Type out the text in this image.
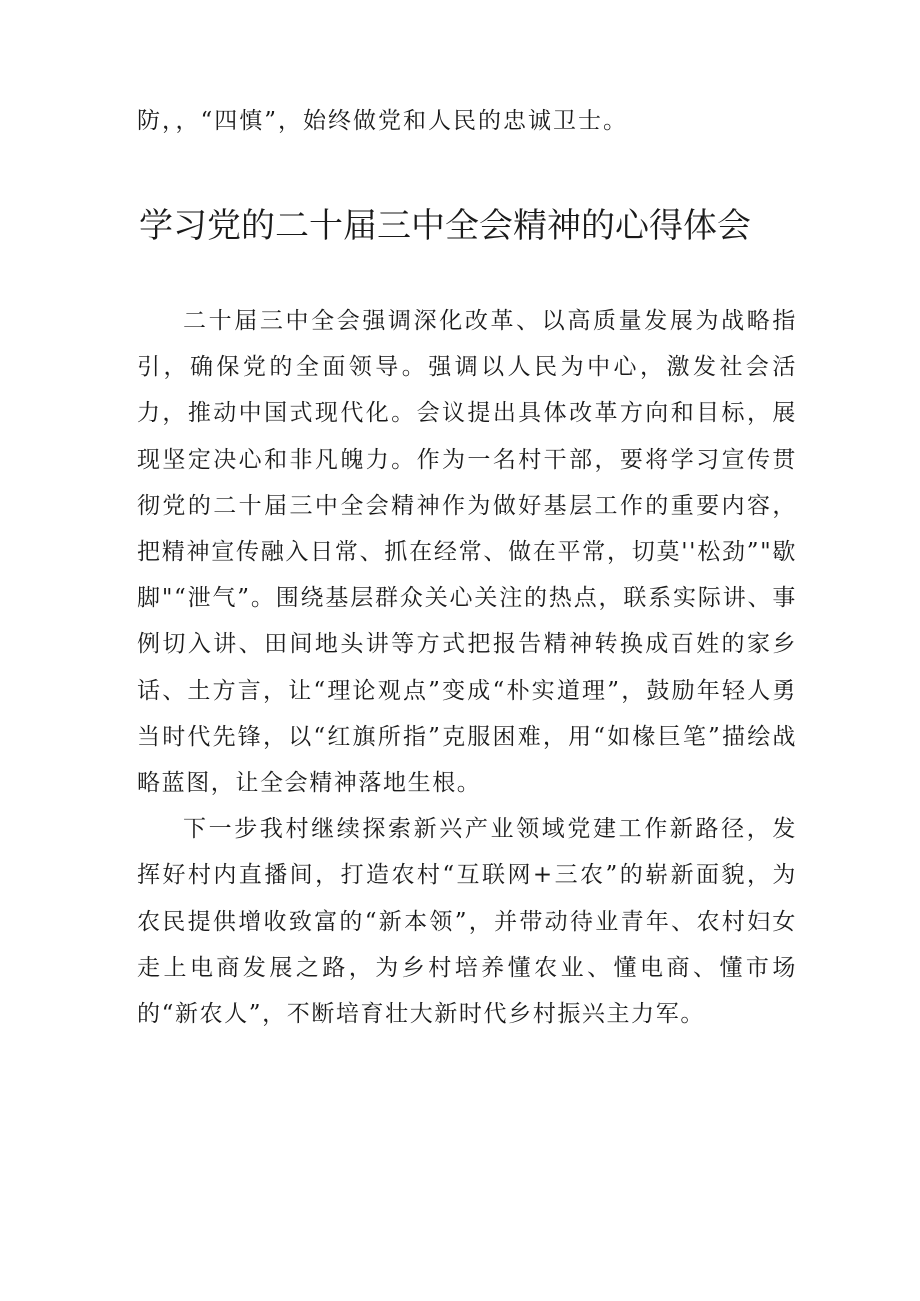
防，，“四慎”，始终做党和人民的忠诚卫士。

学习党的二十届三中全会精神的心得体会

二十届三中全会强调深化改革、以高质量发展为战略指引，确保党的全面领导。强调以人民为中心，激发社会活力，推动中国式现代化。会议提出具体改革方向和目标，展现坚定决心和非凡魄力。作为一名村干部，要将学习宣传贯彻党的二十届三中全会精神作为做好基层工作的重要内容，把精神宣传融入日常、抓在经常、做在平常，切莫''松劲”"歇脚"“泄气”。围绕基层群众关心关注的热点，联系实际讲、事例切入讲、田间地头讲等方式把报告精神转换成百姓的家乡话、土方言，让“理论观点”变成“朴实道理”，鼓励年轻人勇当时代先锋，以“红旗所指”克服困难，用“如椽巨笔”描绘战略蓝图，让全会精神落地生根。

下一步我村继续探索新兴产业领域党建工作新路径，发挥好村内直播间，打造农村“互联网+三农”的崭新面貌，为农民提供增收致富的“新本领”，并带动待业青年、农村妇女走上电商发展之路，为乡村培养懂农业、懂电商、懂市场的“新农人”，不断培育壮大新时代乡村振兴主力军。
